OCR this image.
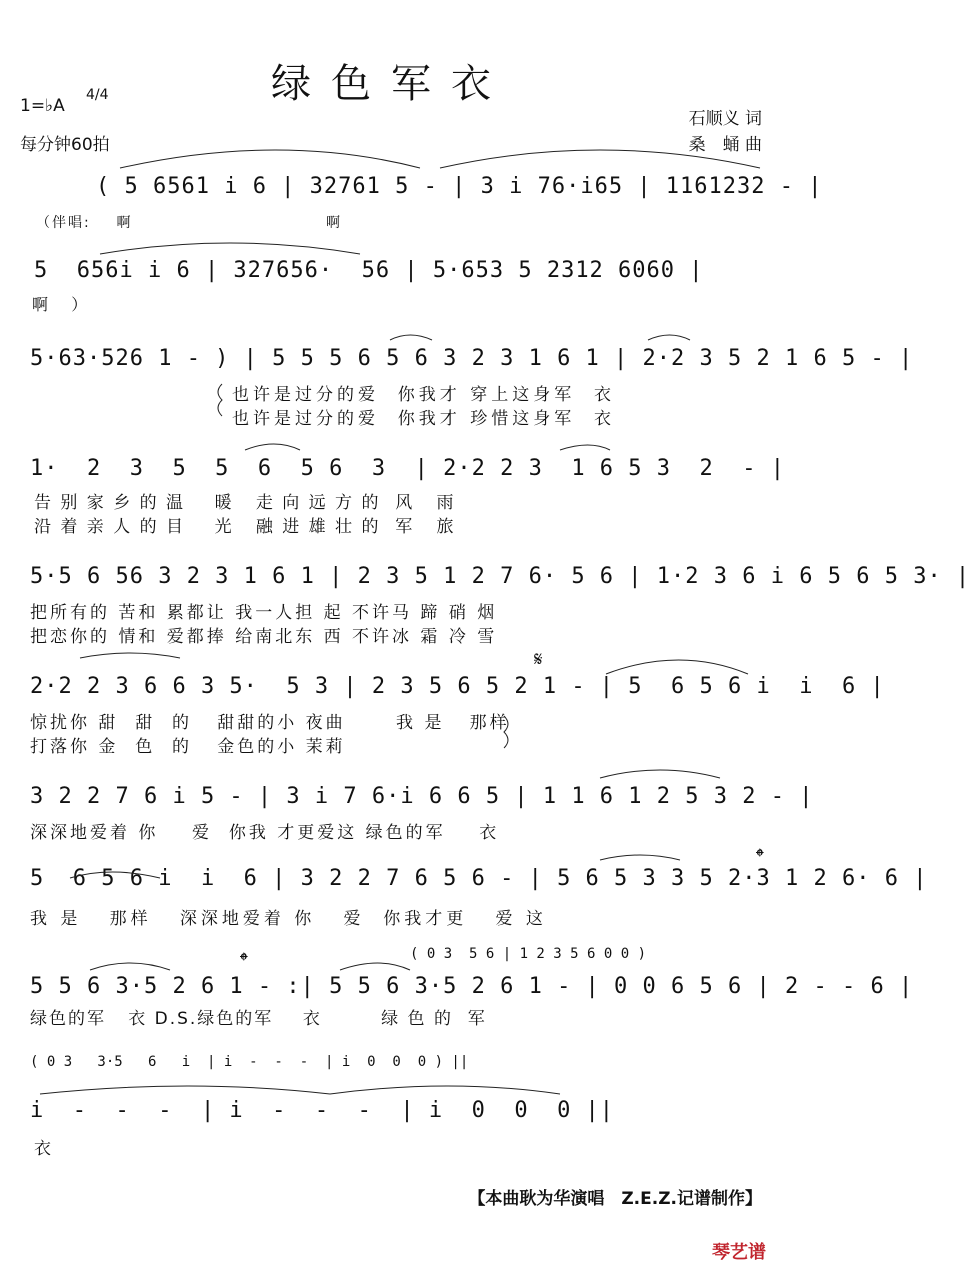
绿色军衣
1=♭A
4/4
每分钟60拍
石顺义 词
桑　蛹 曲
( 5 6561 i 6 | 32761 5 - | 3 i 76·i65 | 1161232 - |
（伴唱:    啊                              啊
5  656i i 6 | 327656·  56 | 5·653 5 2312 6060 |
啊   ）
5·63·526 1 - ) | 5 5 5 6 5 6 3 2 3 1 6 1 | 2·2 3 5 2 1 6 5 - |
也许是过分的爱  你我才 穿上这身军  衣
也许是过分的爱  你我才 珍惜这身军  衣
1·  2  3  5  5  6  5 6  3  | 2·2 2 3  1 6 5 3  2  - |
告 别 家 乡 的 温    暖   走 向 远 方 的  风   雨
沿 着 亲 人 的 目    光   融 进 雄 壮 的  军   旅
5·5 6 56 3 2 3 1 6 1 | 2 3 5 1 2 7 6· 5 6 | 1·2 3 6 i 6 5 6 5 3· |
把所有的 苦和 累都让 我一人担 起 不许马 蹄 硝 烟
把恋你的 情和 爱都捧 给南北东 西 不许冰 霜 冷 雪
2·2 2 3 6 6 3 5·  5 3 | 2 3 5 6 5 2 1 - | 5  6 5 6 i  i  6 |
惊扰你 甜  甜  的   甜甜的小 夜曲      我 是   那样
打落你 金  色  的   金色的小 茉莉
3 2 2 7 6 i 5 - | 3 i 7 6·i 6 6 5 | 1 1 6 1 2 5 3 2 - |
深深地爱着 你    爱  你我 才更爱这 绿色的军    衣
5  6 5 6 i  i  6 | 3 2 2 7 6 5 6 - | 5 6 5 3 3 5 2·3 1 2 6· 6 |
我 是   那样   深深地爱着 你   爱  你我才更   爱 这
( 0 3  5 6 | 1 2 3 5 6 0 0 )
5 5 6 3·5 2 6 1 - :| 5 5 6 3·5 2 6 1 - | 0 0 6 5 6 | 2 - - 6 |
绿色的军   衣 D.S.绿色的军    衣        绿 色 的  军
( 0 3   3·5   6   i  | i  -  -  -  | i  0  0  0 ) ||
i  -  -  -  | i  -  -  -  | i  0  0  0 ||
衣
【本曲耿为华演唱　Z.E.Z.记谱制作】
琴艺谱
𝄋
𝄌
𝄌
